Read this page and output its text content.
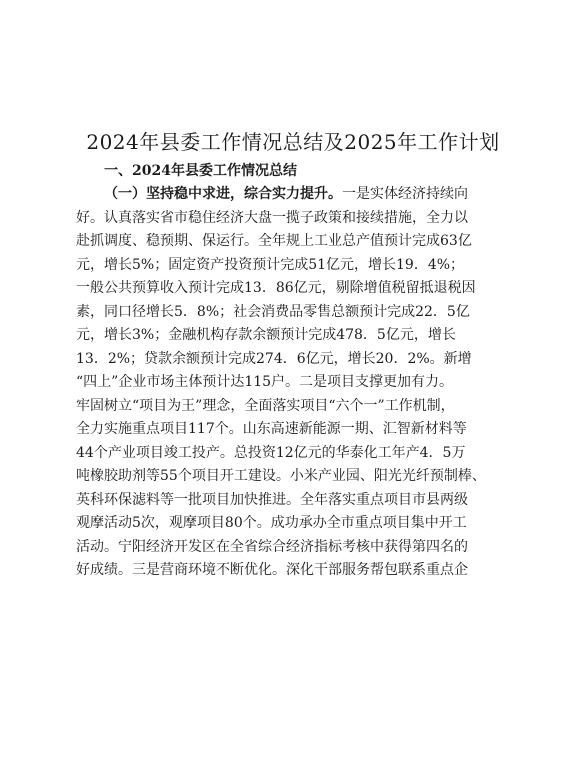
2024年县委工作情况总结及2025年工作计划
一、2024年县委工作情况总结
（一）坚持稳中求进，综合实力提升。一是实体经济持续向
好。认真落实省市稳住经济大盘一揽子政策和接续措施，全力以
赴抓调度、稳预期、保运行。全年规上工业总产值预计完成63亿
元，增长5%；固定资产投资预计完成51亿元，增长19．4%；
一般公共预算收入预计完成13．86亿元，剔除增值税留抵退税因
素，同口径增长5．8%；社会消费品零售总额预计完成22．5亿
元，增长3%；金融机构存款余额预计完成478．5亿元，增长
13．2%；贷款余额预计完成274．6亿元，增长20．2%。新增
“四上”企业市场主体预计达115户。二是项目支撑更加有力。
牢固树立“项目为王”理念，全面落实项目“六个一”工作机制，
全力实施重点项目117个。山东高速新能源一期、汇智新材料等
44个产业项目竣工投产。总投资12亿元的华泰化工年产4．5万
吨橡胶助剂等55个项目开工建设。小米产业园、阳光光纤预制棒、
英科环保滤料等一批项目加快推进。全年落实重点项目市县两级
观摩活动5次，观摩项目80个。成功承办全市重点项目集中开工
活动。宁阳经济开发区在全省综合经济指标考核中获得第四名的
好成绩。三是营商环境不断优化。深化干部服务帮包联系重点企
